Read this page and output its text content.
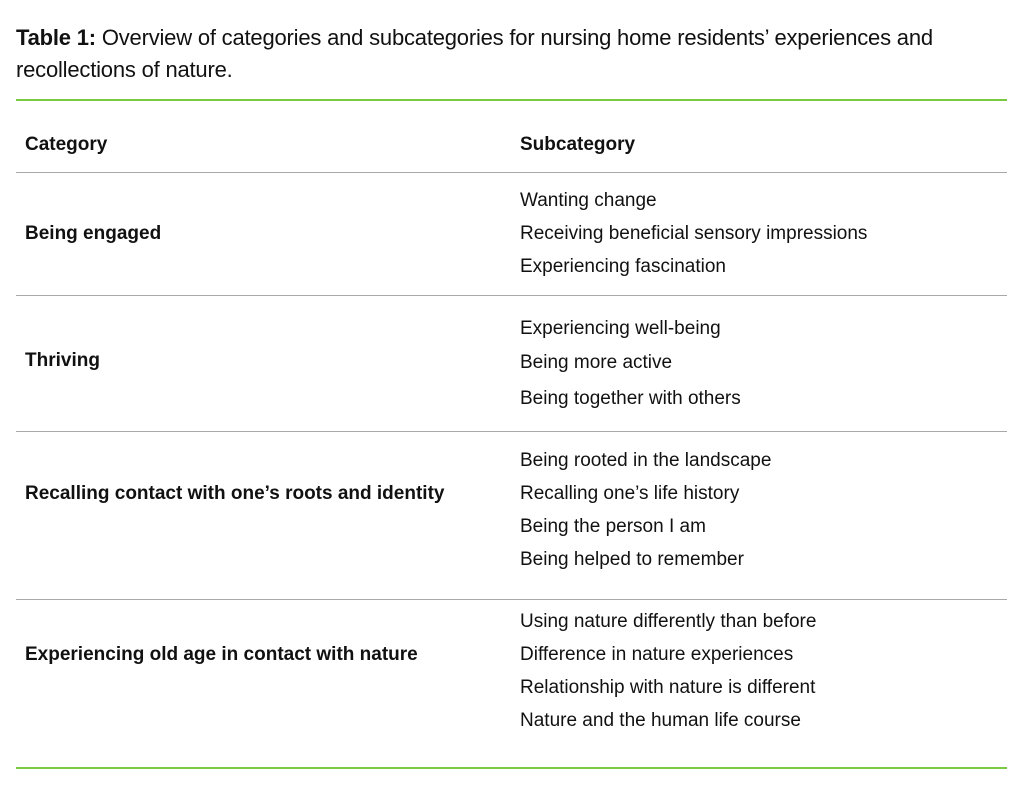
Table 1: Overview of categories and subcategories for nursing home residents’ experiences and recollections of nature.
Category	Subcategory
Being engaged
Wanting change
Receiving beneficial sensory impressions
Experiencing fascination
Thriving
Experiencing well-being
Being more active
Being together with others
Recalling contact with one’s roots and identity
Being rooted in the landscape
Recalling one’s life history
Being the person I am
Being helped to remember
Experiencing old age in contact with nature
Using nature differently than before
Difference in nature experiences
Relationship with nature is different
Nature and the human life course
